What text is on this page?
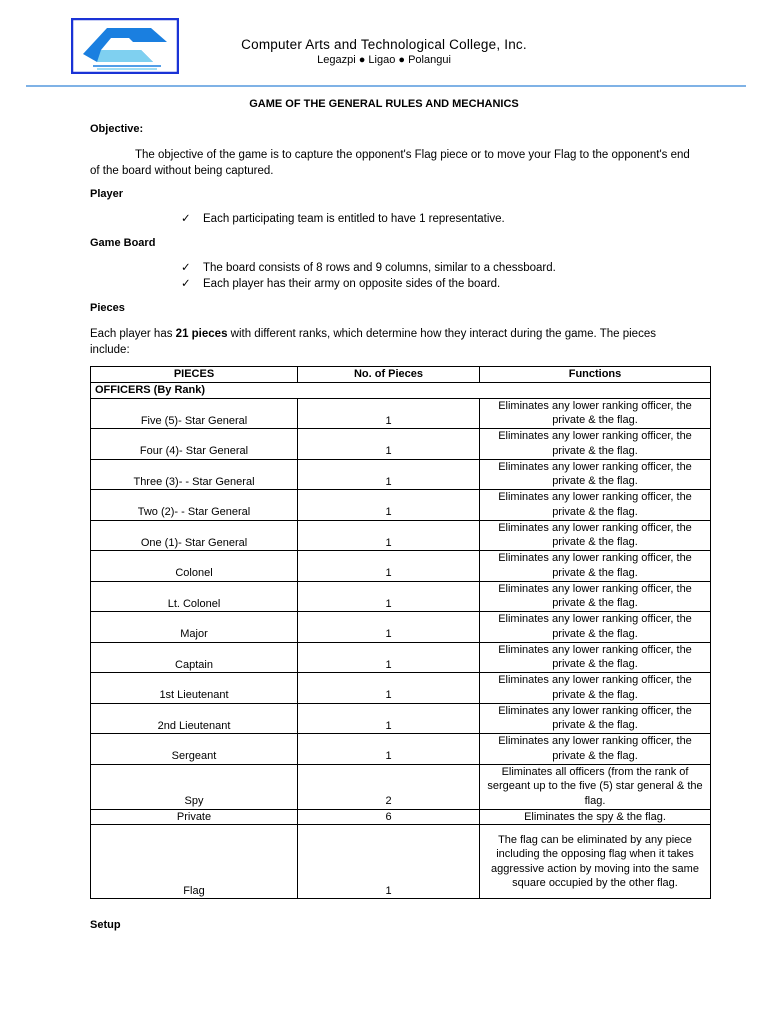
Computer Arts and Technological College, Inc.
Legazpi ● Ligao ● Polangui
GAME OF THE GENERAL RULES AND MECHANICS
Objective:
The objective of the game is to capture the opponent's Flag piece or to move your Flag to the opponent's end of the board without being captured.
Player
✓ Each participating team is entitled to have 1 representative.
Game Board
✓ The board consists of 8 rows and 9 columns, similar to a chessboard.
✓ Each player has their army on opposite sides of the board.
Pieces
Each player has 21 pieces with different ranks, which determine how they interact during the game. The pieces include:
PIECES	No. of Pieces	Functions
OFFICERS (By Rank)		
Five (5)- Star General	1	Eliminates any lower ranking officer, the private & the flag.
Four (4)- Star General	1	Eliminates any lower ranking officer, the private & the flag.
Three (3)- - Star General	1	Eliminates any lower ranking officer, the private & the flag.
Two (2)- - Star General	1	Eliminates any lower ranking officer, the private & the flag.
One (1)- Star General	1	Eliminates any lower ranking officer, the private & the flag.
Colonel	1	Eliminates any lower ranking officer, the private & the flag.
Lt. Colonel	1	Eliminates any lower ranking officer, the private & the flag.
Major	1	Eliminates any lower ranking officer, the private & the flag.
Captain	1	Eliminates any lower ranking officer, the private & the flag.
1st Lieutenant	1	Eliminates any lower ranking officer, the private & the flag.
2nd Lieutenant	1	Eliminates any lower ranking officer, the private & the flag.
Sergeant	1	Eliminates any lower ranking officer, the private & the flag.
Spy	2	Eliminates all officers (from the rank of sergeant up to the five (5) star general & the flag.
Private	6	Eliminates the spy & the flag.
Flag	1	The flag can be eliminated by any piece including the opposing flag when it takes aggressive action by moving into the same square occupied by the other flag.
Setup
